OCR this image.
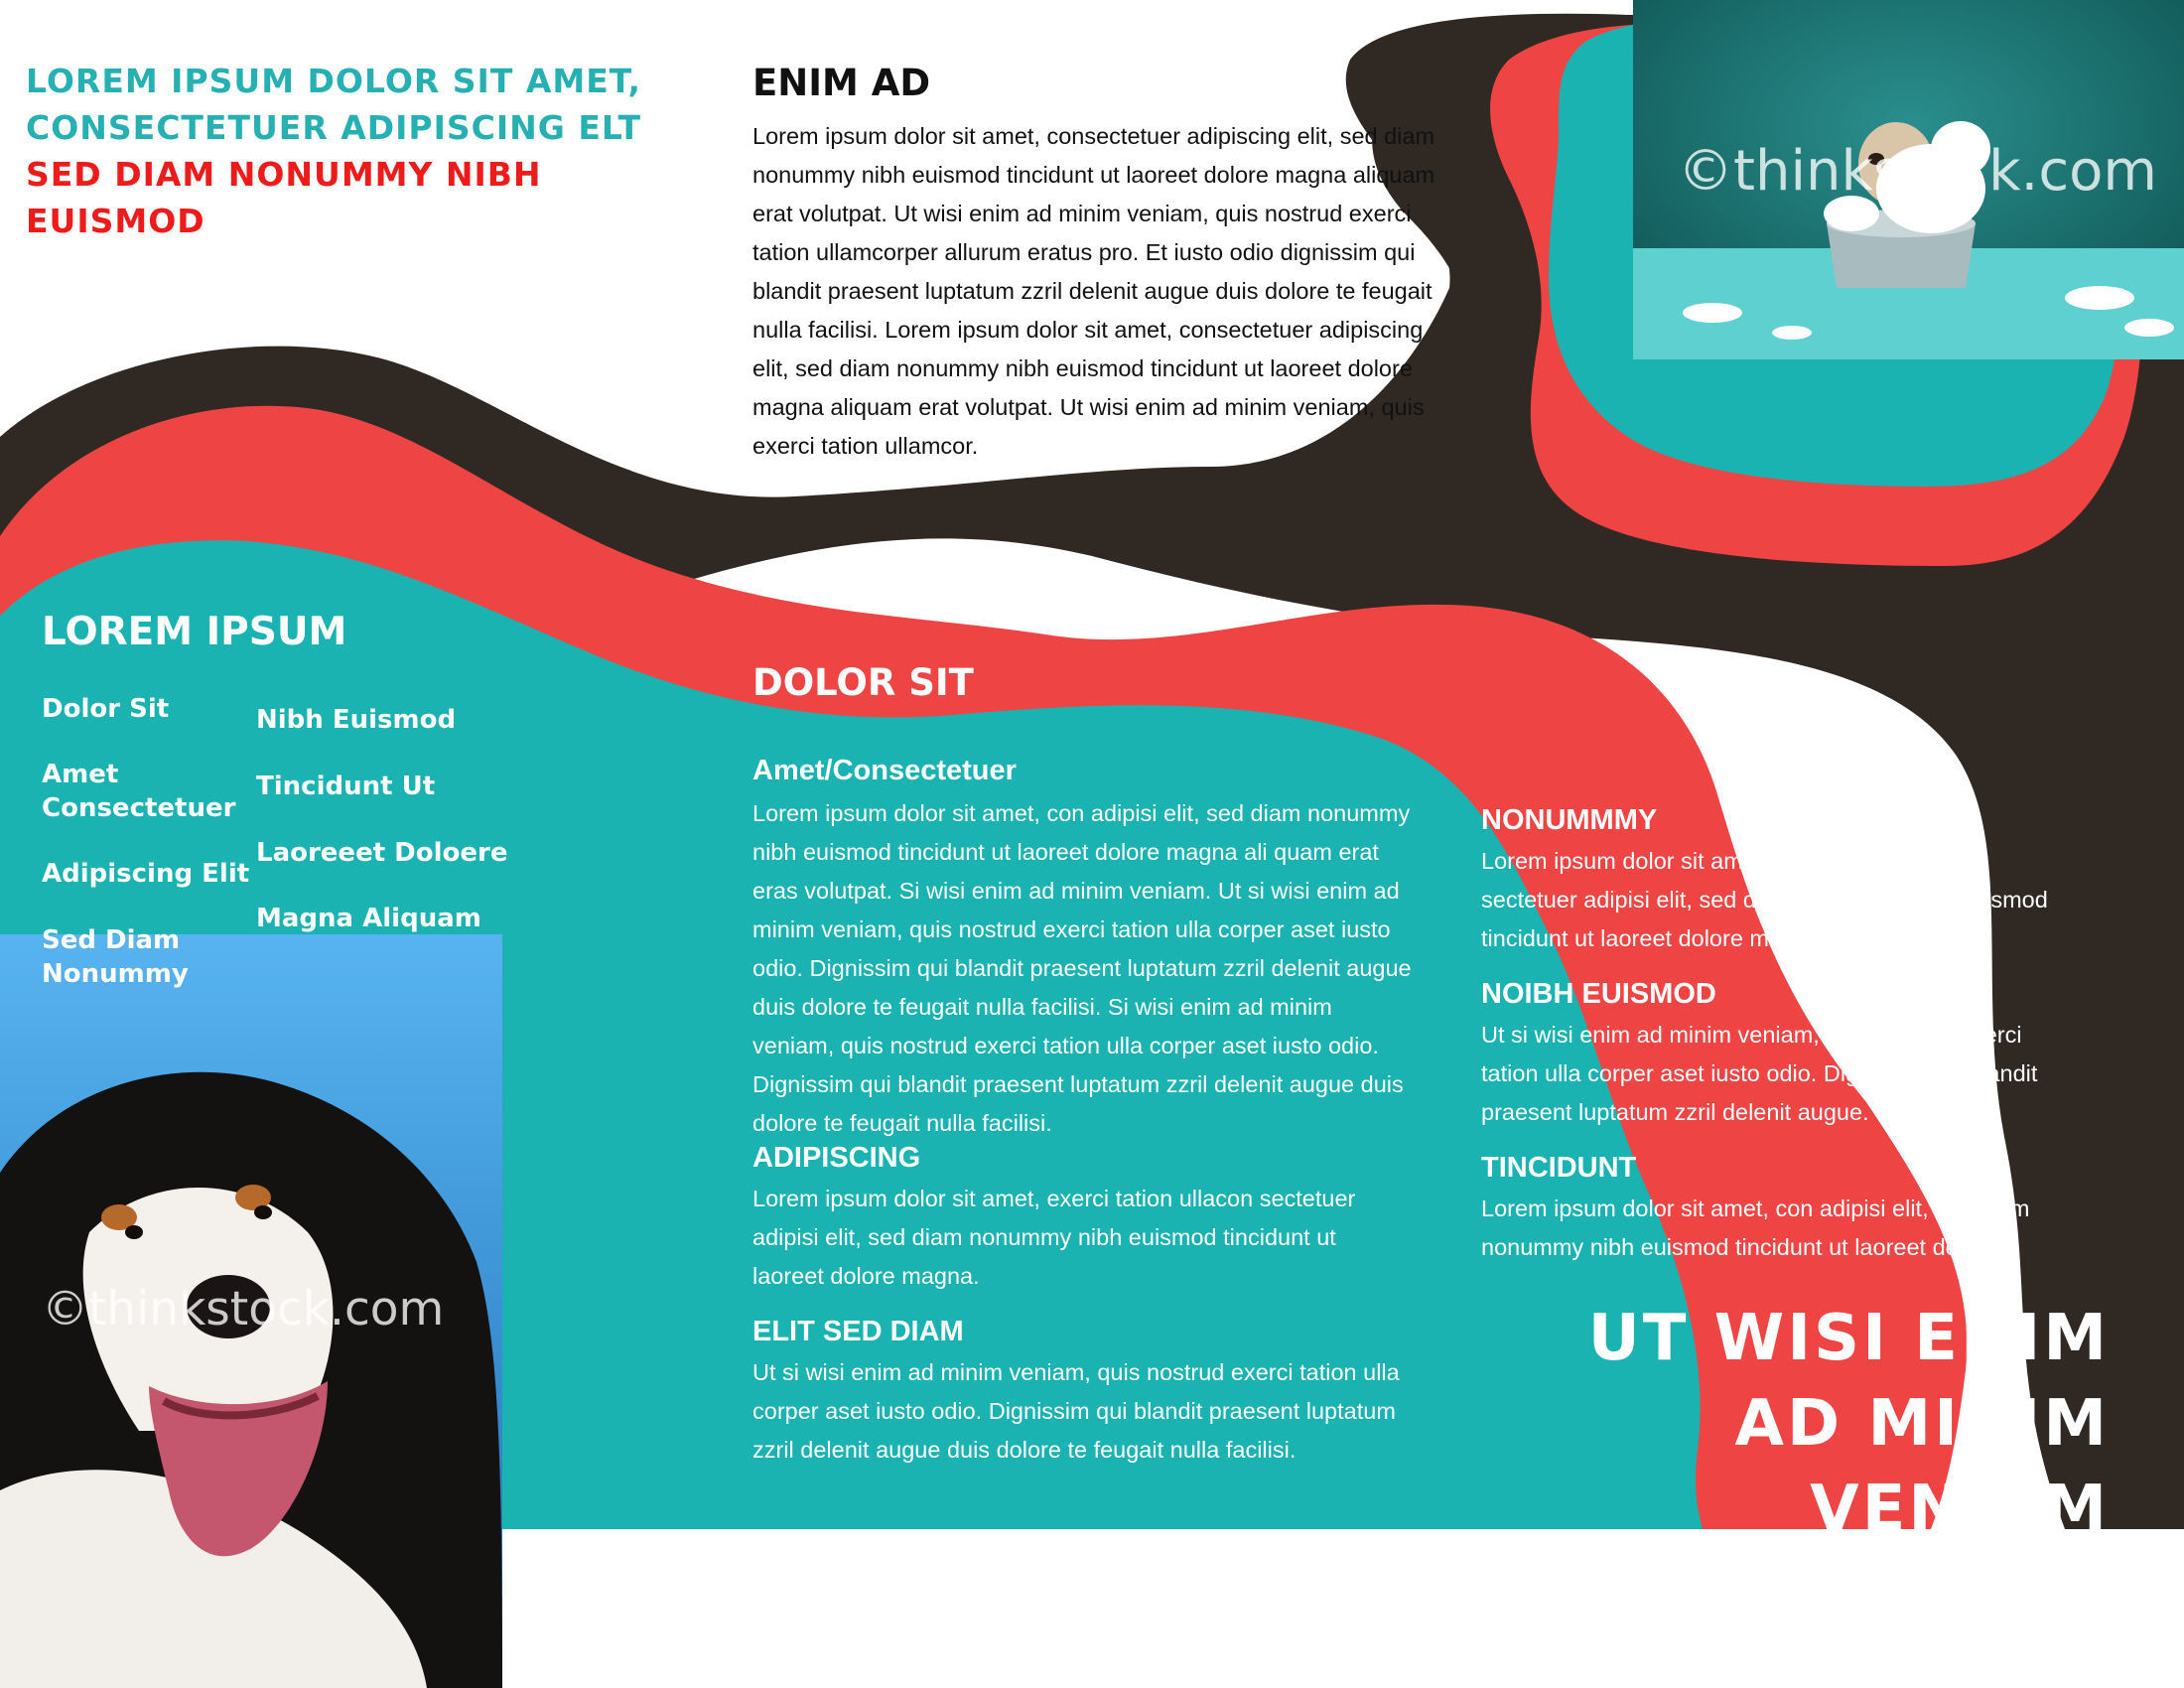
LOREM IPSUM DOLOR SIT AMET, CONSECTETUER ADIPISCING ELT
SED DIAM NONUMMY NIBH EUISMOD
ENIM AD
Lorem ipsum dolor sit amet, consectetuer adipiscing elit, sed diam nonummy nibh euismod tincidunt ut laoreet dolore magna aliquam erat volutpat. Ut wisi enim ad minim veniam, quis nostrud exerci tation ullamcorper allurum eratus pro. Et iusto odio dignissim qui blandit praesent luptatum zzril delenit augue duis dolore te feugait nulla facilisi. Lorem ipsum dolor sit amet, consectetuer adipiscing elit, sed diam nonummy nibh euismod tincidunt ut laoreet dolore magna aliquam erat volutpat. Ut wisi enim ad minim veniam, quis exerci tation ullamcor.
©thinkstock.com
LOREM IPSUM
Dolor Sit
Amet Consectetuer
Adipiscing Elit
Nibh Euismod
Tincidunt Ut
Laoreeet Doloere
Magna Aliquam
©thinkstock.com
Sed Diam Nonummy
DOLOR SIT
Amet/Consectetuer
Lorem ipsum dolor sit amet, con adipisi elit, sed diam nonummy nibh euismod tincidunt ut laoreet dolore magna ali quam erat eras volutpat. Si wisi enim ad minim veniam. Ut si wisi enim ad minim veniam, quis nostrud exerci tation ulla corper aset iusto odio. Dignissim qui blandit praesent luptatum zzril delenit augue duis dolore te feugait nulla facilisi. Si wisi enim ad minim veniam, quis nostrud exerci tation ulla corper aset iusto odio. Dignissim qui blandit praesent luptatum zzril delenit augue duis dolore te feugait nulla facilisi.
ADIPISCING
Lorem ipsum dolor sit amet, exerci tation ullacon sectetuer adipisi elit, sed diam nonummy nibh euismod tincidunt ut laoreet dolore magna.
ELIT SED DIAM
Ut si wisi enim ad minim veniam, quis nostrud exerci tation ulla corper aset iusto odio. Dignissim qui blandit praesent luptatum zzril delenit augue duis dolore te feugait nulla facilisi.
NONUMMMY
Lorem ipsum dolor sit amet, exerci tation ullacon sectetuer adipisi elit, sed diam nonummy nibh euismod tincidunt ut laoreet dolore magna.
NOIBH EUISMOD
Ut si wisi enim ad minim veniam, quis nostrud exerci tation ulla corper aset iusto odio. Dignissim qui blandit praesent luptatum zzril delenit augue.
TINCIDUNT
Lorem ipsum dolor sit amet, con adipisi elit, sed diam nonummy nibh euismod tincidunt ut laoreet dolore.
UT WISI ENIM
AD MINIM
VENIAM
